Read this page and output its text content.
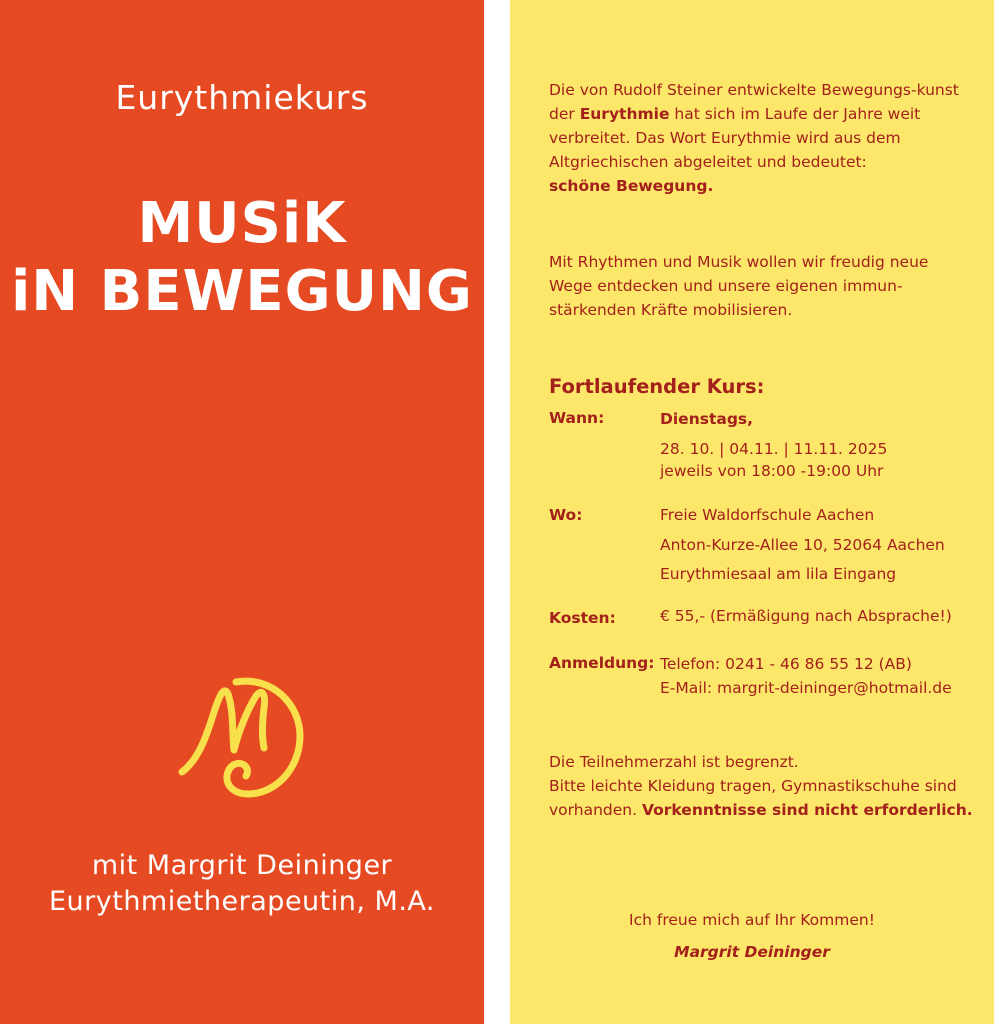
Eurythmiekurs
MUSiK
iN BEWEGUNG
mit Margrit Deininger
Eurythmietherapeutin, M.A.
Die von Rudolf Steiner entwickelte Bewegungs-kunst der Eurythmie hat sich im Laufe der Jahre weit verbreitet. Das Wort Eurythmie wird aus dem Altgriechischen abgeleitet und bedeutet:
schöne Bewegung.
Mit Rhythmen und Musik wollen wir freudig neue Wege entdecken und unsere eigenen immun-stärkenden Kräfte mobilisieren.
Fortlaufender Kurs:
Wann:	Dienstags,
28. 10. | 04.11. | 11.11. 2025
jeweils von 18:00 -19:00 Uhr
Wo:	Freie Waldorfschule Aachen
Anton-Kurze-Allee 10, 52064 Aachen
Eurythmiesaal am lila Eingang
Kosten:	€ 55,- (Ermäßigung nach Absprache!)
Anmeldung: Telefon: 0241 - 46 86 55 12 (AB)
E-Mail: margrit-deininger@hotmail.de
Die Teilnehmerzahl ist begrenzt.
Bitte leichte Kleidung tragen, Gymnastikschuhe sind vorhanden. Vorkenntnisse sind nicht erforderlich.
Ich freue mich auf Ihr Kommen!
Margrit Deininger
